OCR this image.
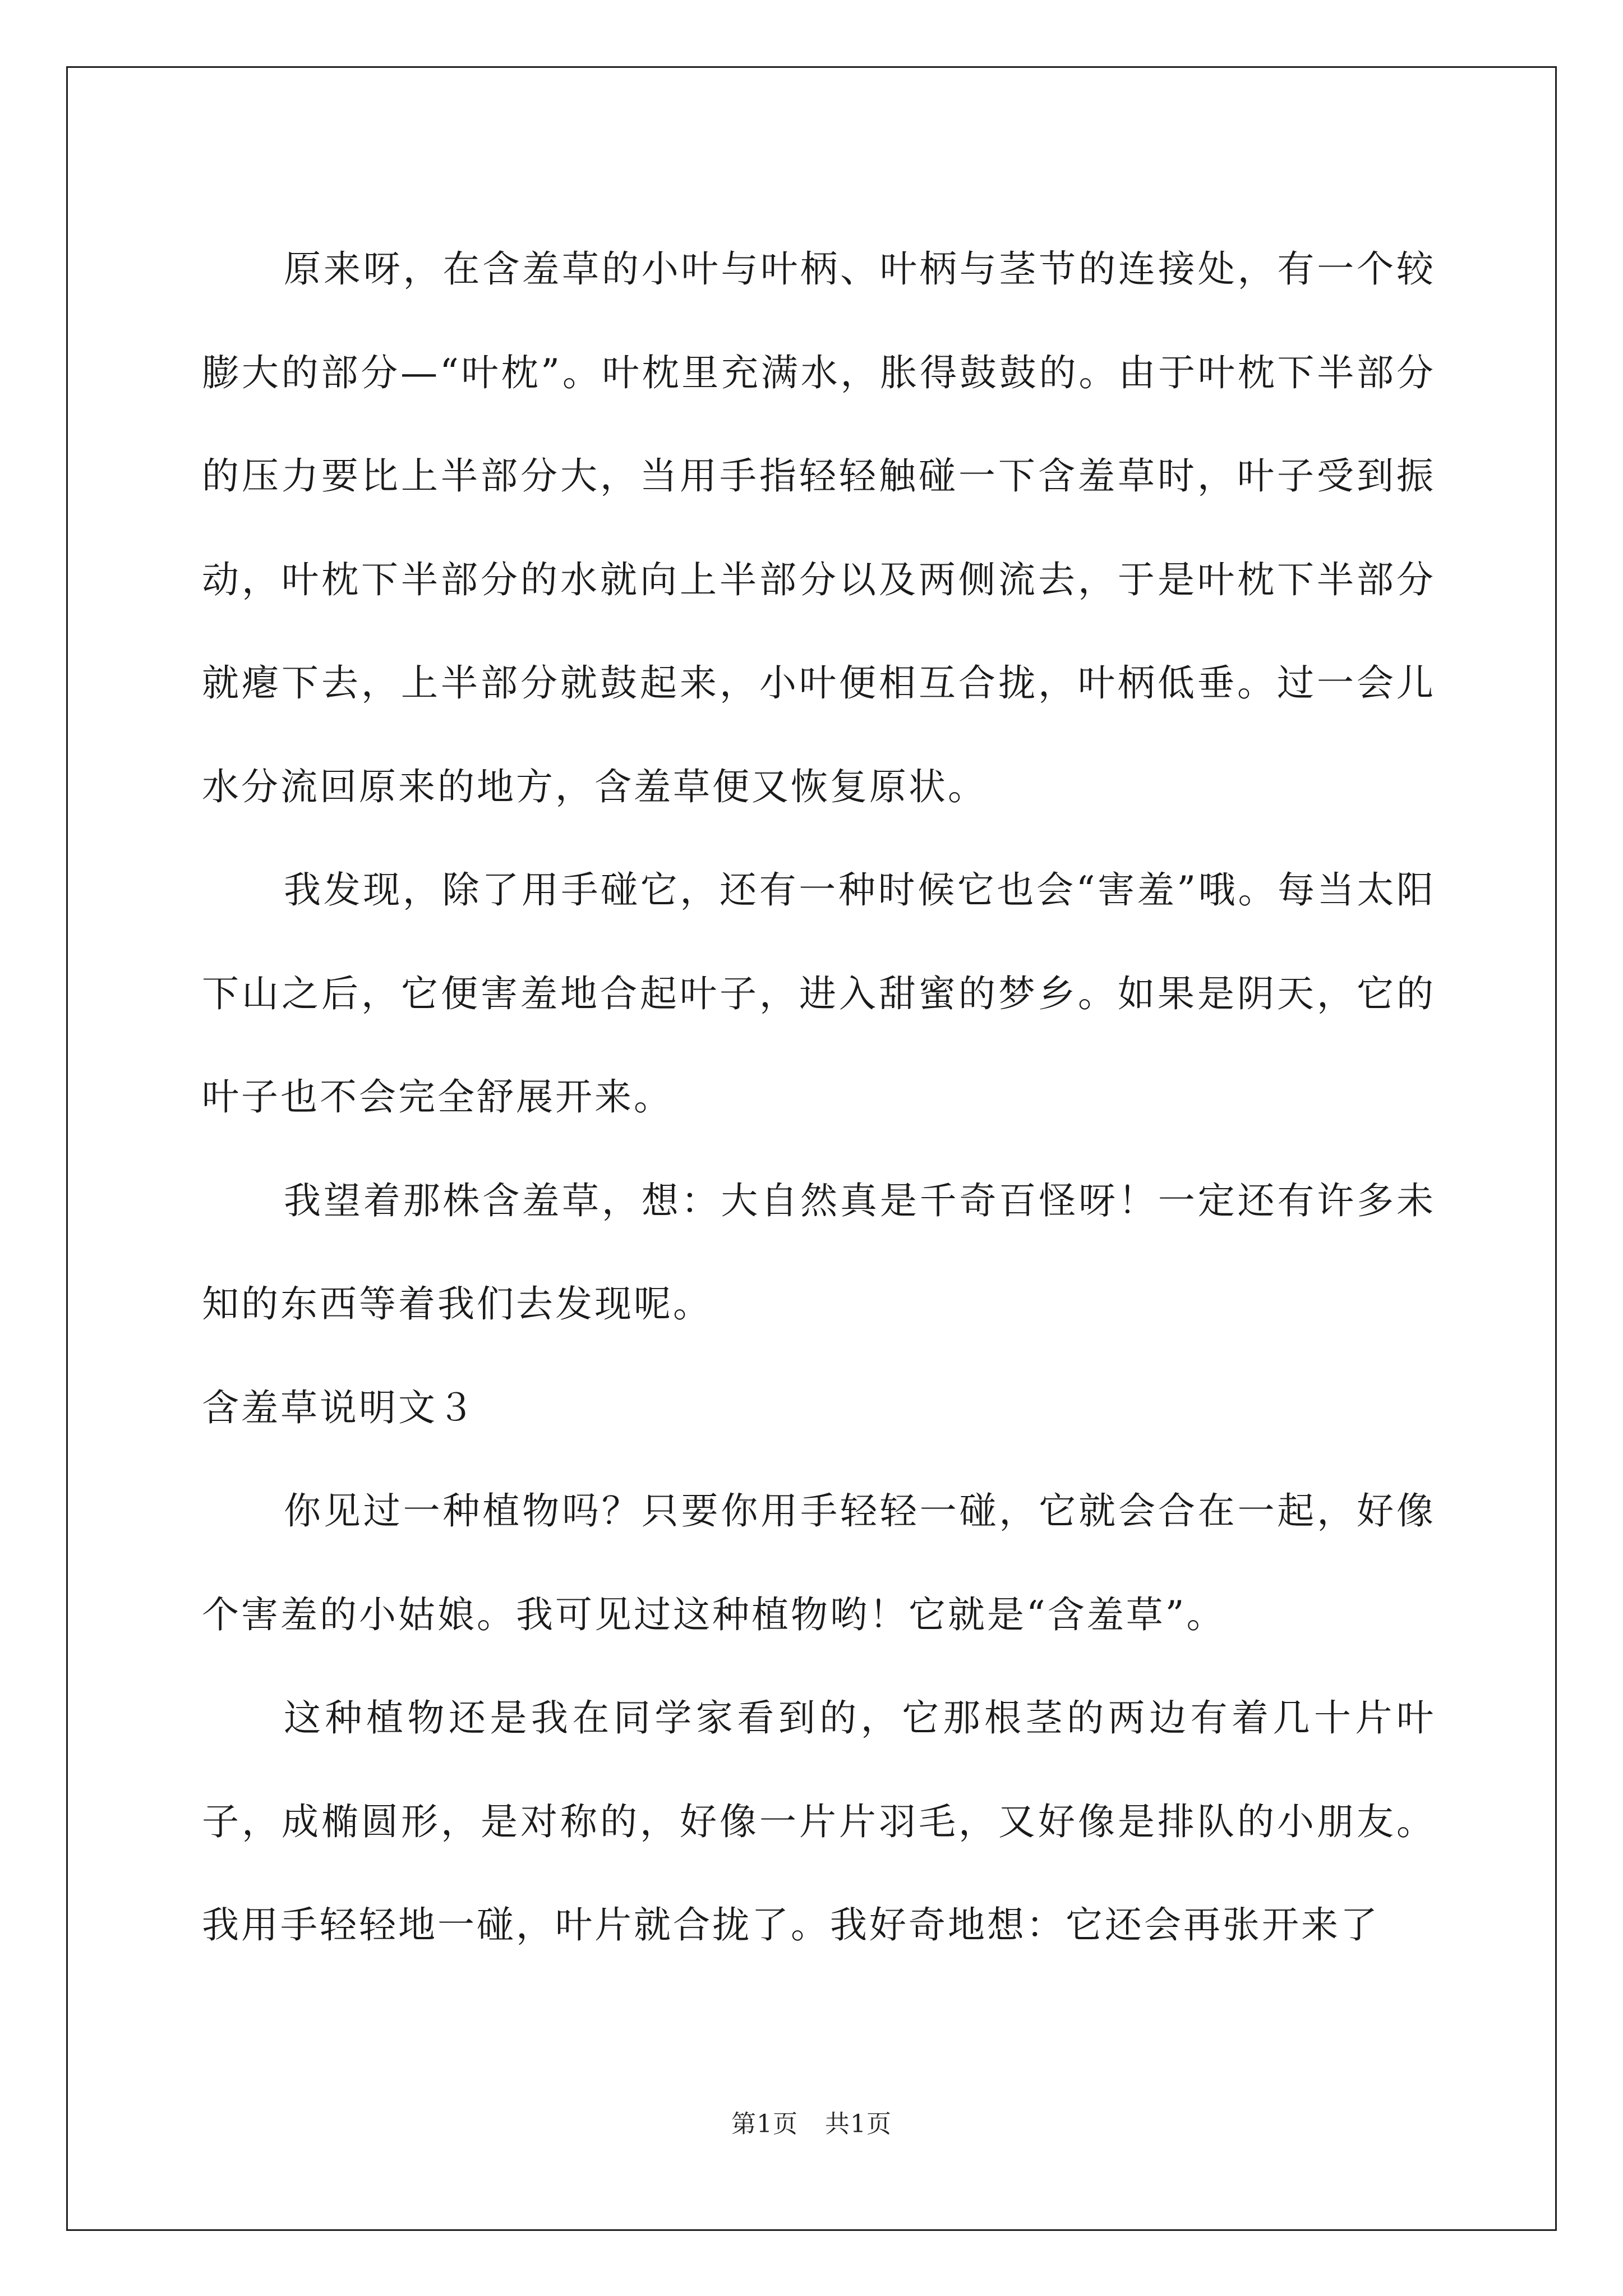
原来呀，在含羞草的小叶与叶柄、叶柄与茎节的连接处，有一个较膨大的部分—“叶枕”。叶枕里充满水，胀得鼓鼓的。由于叶枕下半部分的压力要比上半部分大，当用手指轻轻触碰一下含羞草时，叶子受到振动，叶枕下半部分的水就向上半部分以及两侧流去，于是叶枕下半部分就瘪下去，上半部分就鼓起来，小叶便相互合拢，叶柄低垂。过一会儿水分流回原来的地方，含羞草便又恢复原状。

我发现，除了用手碰它，还有一种时候它也会“害羞”哦。每当太阳下山之后，它便害羞地合起叶子，进入甜蜜的梦乡。如果是阴天，它的叶子也不会完全舒展开来。

我望着那株含羞草，想：大自然真是千奇百怪呀！一定还有许多未知的东西等着我们去发现呢。

含羞草说明文３

你见过一种植物吗？只要你用手轻轻一碰，它就会合在一起，好像个害羞的小姑娘。我可见过这种植物哟！它就是“含羞草”。

这种植物还是我在同学家看到的，它那根茎的两边有着几十片叶子，成椭圆形，是对称的，好像一片片羽毛，又好像是排队的小朋友。我用手轻轻地一碰，叶片就合拢了。我好奇地想：它还会再张开来了

第1页 共1页
